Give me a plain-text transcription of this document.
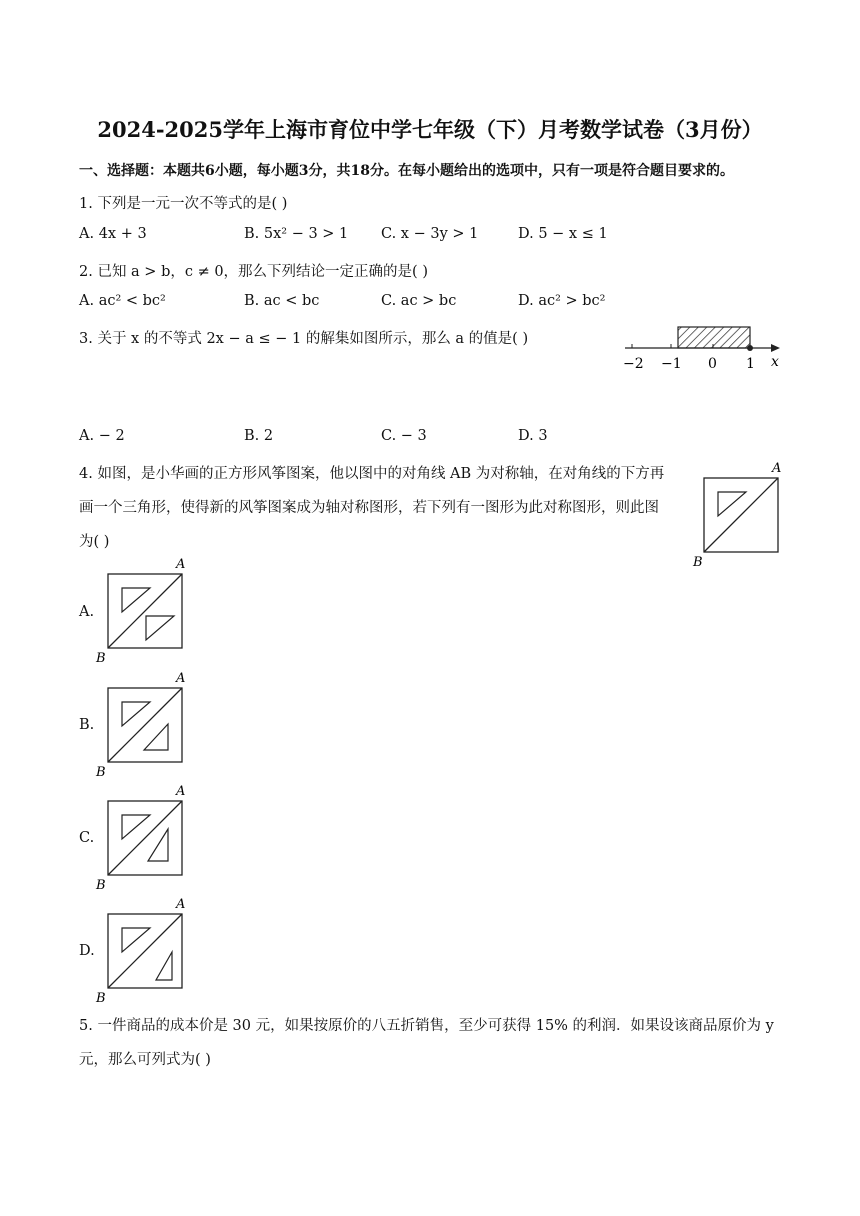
2024-2025学年上海市育位中学七年级（下）月考数学试卷（3月份）
一、选择题：本题共6小题，每小题3分，共18分。在每小题给出的选项中，只有一项是符合题目要求的。
1. 下列是一元一次不等式的是( )
A. 4x + 3	B. 5x² − 3 > 1 C. x − 3y > 1	D. 5 − x ≤ 1
2. 已知 a > b，c ≠ 0，那么下列结论一定正确的是( )
A. ac² < bc²	B. ac < bc	C. ac > bc	D. ac² > bc²
3. 关于 x 的不等式 2x − a ≤ − 1 的解集如图所示，那么 a 的值是( )
−2 −1 0 1 x
A. − 2	B. 2	C. − 3	D. 3
4. 如图，是小华画的正方形风筝图案，他以图中的对角线 AB 为对称轴，在对角线的下方再
画一个三角形，使得新的风筝图案成为轴对称图形，若下列有一图形为此对称图形，则此图
为( )
A
B
A.
A
B
B.
A
B
C.
A
B
D.
A
B
5. 一件商品的成本价是 30 元，如果按原价的八五折销售，至少可获得 15% 的利润．如果设该商品原价为 y
元，那么可列式为( )
